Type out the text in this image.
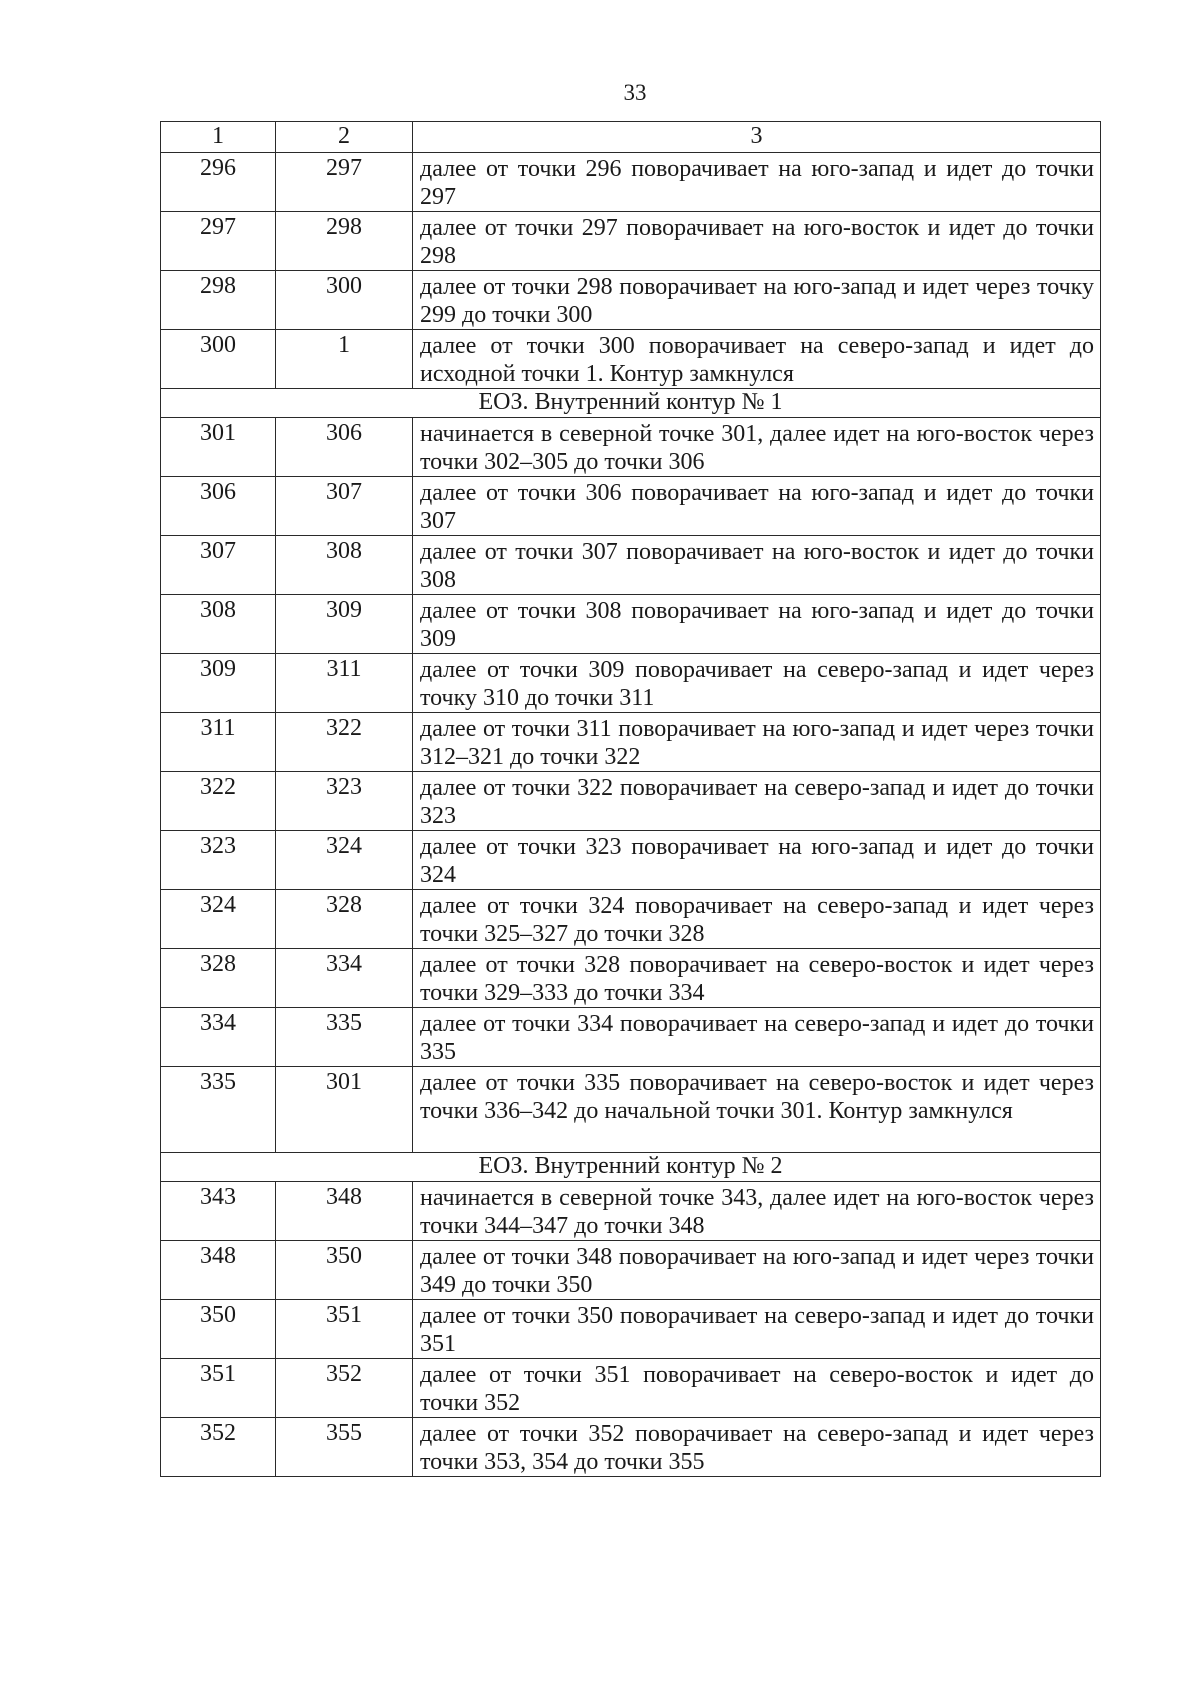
33
1	2	3
296	297	далее от точки 296 поворачивает на юго-запад и идет до точки 297
297	298	далее от точки 297 поворачивает на юго-восток и идет до точки 298
298	300	далее от точки 298 поворачивает на юго-запад и идет через точку 299 до точки 300
300	1	далее от точки 300 поворачивает на северо-запад и идет до исходной точки 1. Контур замкнулся
ЕОЗ. Внутренний контур № 1		
301	306	начинается в северной точке 301, далее идет на юго-восток через точки 302–305 до точки 306
306	307	далее от точки 306 поворачивает на юго-запад и идет до точки 307
307	308	далее от точки 307 поворачивает на юго-восток и идет до точки 308
308	309	далее от точки 308 поворачивает на юго-запад и идет до точки 309
309	311	далее от точки 309 поворачивает на северо-запад и идет через точку 310 до точки 311
311	322	далее от точки 311 поворачивает на юго-запад и идет через точки 312–321 до точки 322
322	323	далее от точки 322 поворачивает на северо-запад и идет до точки 323
323	324	далее от точки 323 поворачивает на юго-запад и идет до точки 324
324	328	далее от точки 324 поворачивает на северо-запад и идет через точки 325–327 до точки 328
328	334	далее от точки 328 поворачивает на северо-восток и идет через точки 329–333 до точки 334
334	335	далее от точки 334 поворачивает на северо-запад и идет до точки 335
335	301	далее от точки 335 поворачивает на северо-восток и идет через точки 336–342 до начальной точки 301. Контур замкнулся
ЕОЗ. Внутренний контур № 2		
343	348	начинается в северной точке 343, далее идет на юго-восток через точки 344–347 до точки 348
348	350	далее от точки 348 поворачивает на юго-запад и идет через точки 349 до точки 350
350	351	далее от точки 350 поворачивает на северо-запад и идет до точки 351
351	352	далее от точки 351 поворачивает на северо-восток и идет до точки 352
352	355	далее от точки 352 поворачивает на северо-запад и идет через точки 353, 354 до точки 355
